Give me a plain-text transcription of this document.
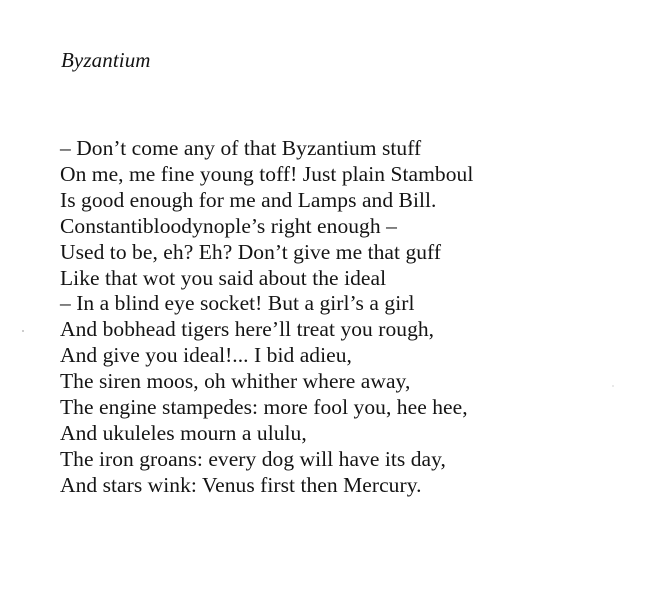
Byzantium
– Don’t come any of that Byzantium stuff
On me, me fine young toff! Just plain Stamboul
Is good enough for me and Lamps and Bill.
Constantibloodynople’s right enough –
Used to be, eh? Eh? Don’t give me that guff
Like that wot you said about the ideal
– In a blind eye socket! But a girl’s a girl
And bobhead tigers here’ll treat you rough,
And give you ideal!... I bid adieu,
The siren moos, oh whither where away,
The engine stampedes: more fool you, hee hee,
And ukuleles mourn a ululu,
The iron groans: every dog will have its day,
And stars wink: Venus first then Mercury.
